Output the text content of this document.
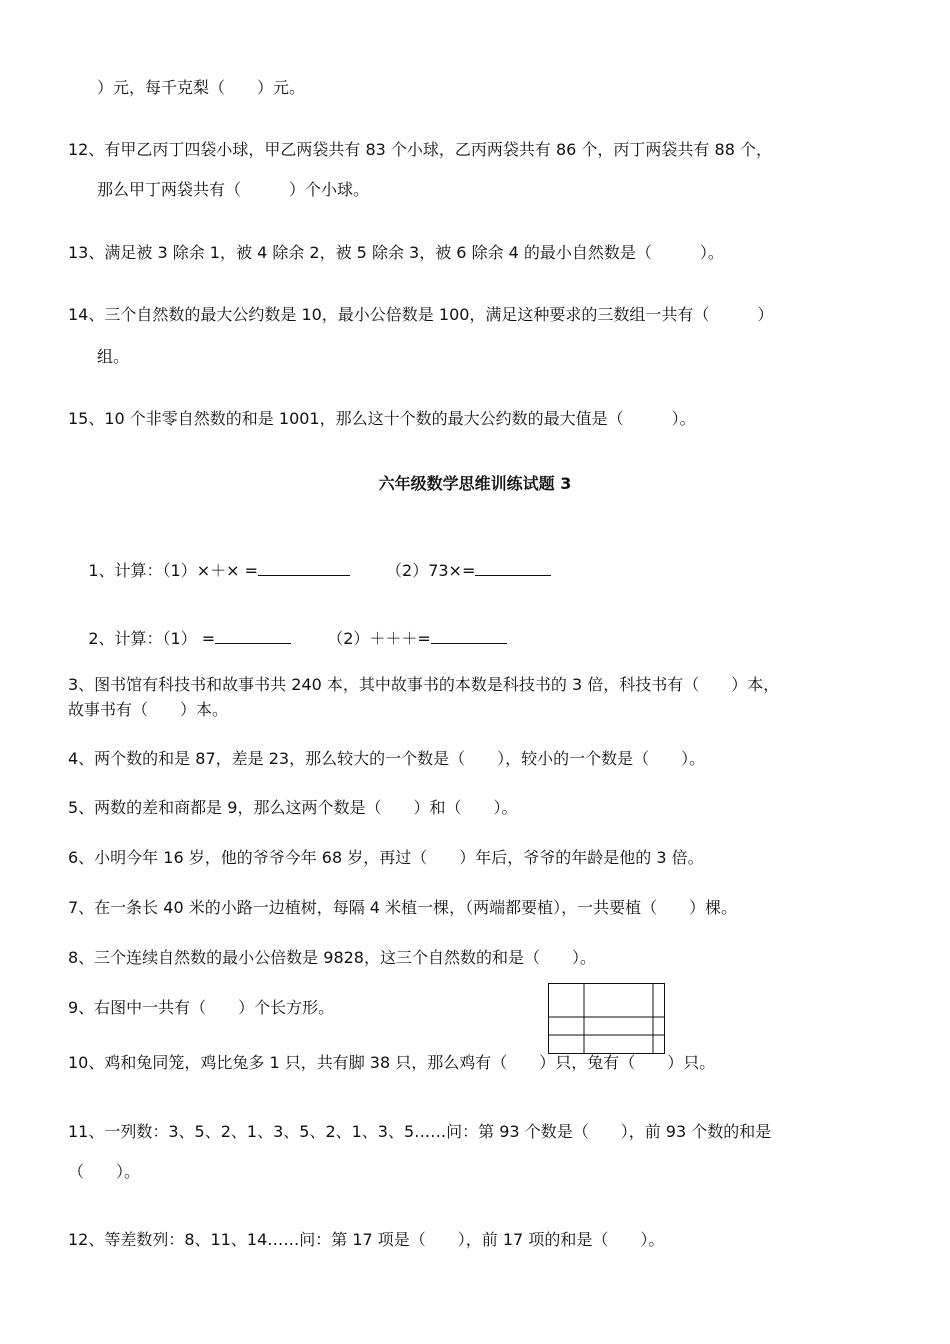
）元，每千克梨（　　）元。
12、有甲乙丙丁四袋小球，甲乙两袋共有 83 个小球，乙丙两袋共有 86 个，丙丁两袋共有 88 个，
那么甲丁两袋共有（　　　）个小球。
13、满足被 3 除余 1，被 4 除余 2，被 5 除余 3，被 6 除余 4 的最小自然数是（　　　）。
14、三个自然数的最大公约数是 10，最小公倍数是 100，满足这种要求的三数组一共有（　　　）
组。
15、10 个非零自然数的和是 1001，那么这十个数的最大公约数的最大值是（　　　）。
六年级数学思维训练试题 3

1、计算：（1）×＋× =	（2）73×=

2、计算：（1） =	（2）＋＋＋=

3、图书馆有科技书和故事书共 240 本，其中故事书的本数是科技书的 3 倍，科技书有（　　）本，
故事书有（　　）本。
4、两个数的和是 87，差是 23，那么较大的一个数是（　　），较小的一个数是（　　）。
5、两数的差和商都是 9，那么这两个数是（　　）和（　　）。
6、小明今年 16 岁，他的爷爷今年 68 岁，再过（　　）年后，爷爷的年龄是他的 3 倍。
7、在一条长 40 米的小路一边植树，每隔 4 米植一棵，（两端都要植），一共要植（　　）棵。
8、三个连续自然数的最小公倍数是 9828，这三个自然数的和是（　　）。
9、右图中一共有（　　）个长方形。
10、鸡和兔同笼，鸡比兔多 1 只，共有脚 38 只，那么鸡有（　　）只，兔有（　　）只。
11、一列数：3、5、2、1、3、5、2、1、3、5……问：第 93 个数是（　　），前 93 个数的和是
（　　）。
12、等差数列：8、11、14……问：第 17 项是（　　），前 17 项的和是（　　）。
